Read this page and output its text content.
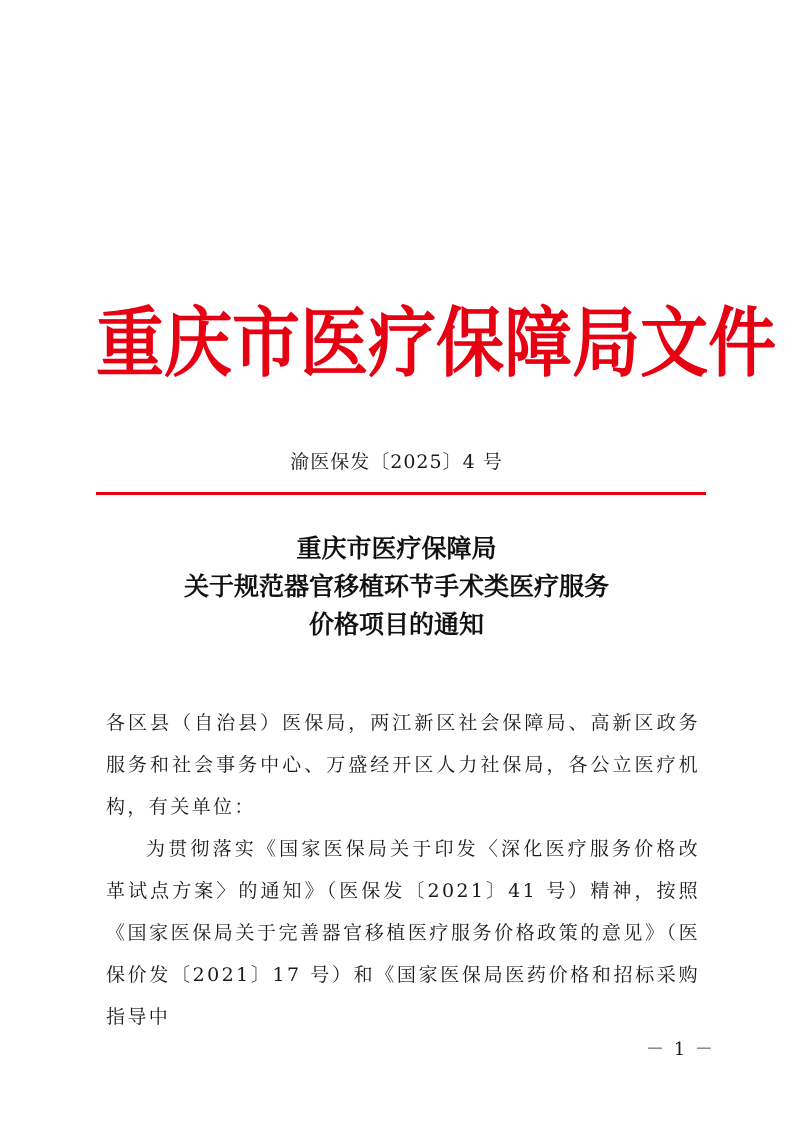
重 庆 市 医 疗 保 障 局 文 件
渝医保发〔2025〕4 号
重庆市医疗保障局
关于规范器官移植环节手术类医疗服务
价格项目的通知

各区县（自治县）医保局，两江新区社会保障局、高新区政务服务和社会事务中心、万盛经开区人力社保局，各公立医疗机构，有关单位：

为贯彻落实《国家医保局关于印发〈深化医疗服务价格改革试点方案〉的通知》（医保发〔2021〕41 号）精神，按照《国家医保局关于完善器官移植医疗服务价格政策的意见》（医保价发〔2021〕17 号）和《国家医保局医药价格和招标采购指导中

－ 1 －
